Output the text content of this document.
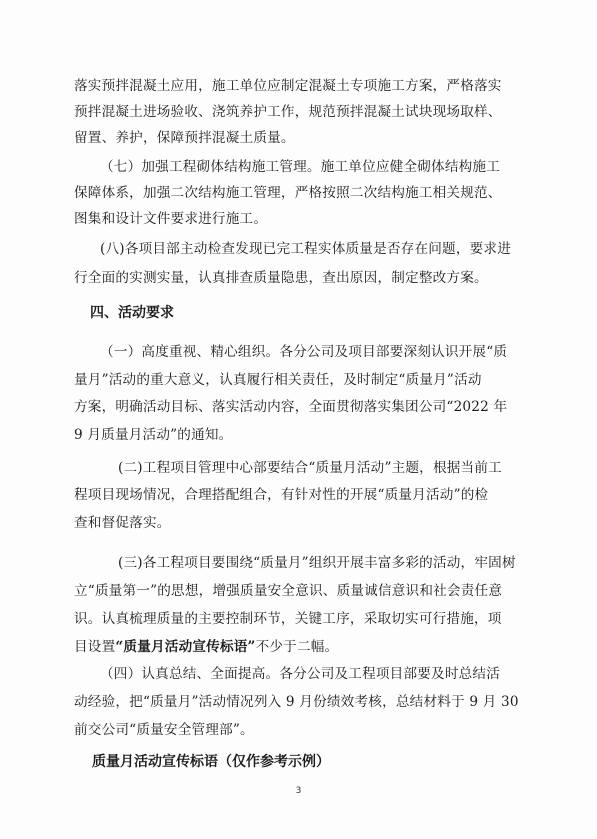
落实预拌混凝土应用，施工单位应制定混凝土专项施工方案，严格落实
预拌混凝土进场验收、浇筑养护工作，规范预拌混凝土试块现场取样、
留置、养护，保障预拌混凝土质量。
（七）加强工程砌体结构施工管理。施工单位应健全砌体结构施工
保障体系，加强二次结构施工管理，严格按照二次结构施工相关规范、
图集和设计文件要求进行施工。
(八)各项目部主动检查发现已完工程实体质量是否存在问题，要求进
行全面的实测实量，认真排查质量隐患，查出原因，制定整改方案。
四、活动要求
（一）高度重视、精心组织。各分公司及项目部要深刻认识开展“质
量月”活动的重大意义，认真履行相关责任，及时制定“质量月”活动
方案，明确活动目标、落实活动内容，全面贯彻落实集团公司“2022 年
9 月质量月活动”的通知。
(二)工程项目管理中心部要结合“质量月活动”主题，根据当前工
程项目现场情况，合理搭配组合，有针对性的开展“质量月活动”的检
查和督促落实。
(三)各工程项目要围绕“质量月”组织开展丰富多彩的活动，牢固树
立“质量第一”的思想，增强质量安全意识、质量诚信意识和社会责任意
识。认真梳理质量的主要控制环节，关键工序，采取切实可行措施，项
目设置“质量月活动宣传标语”不少于二幅。
（四）认真总结、全面提高。各分公司及工程项目部要及时总结活
动经验，把“质量月”活动情况列入 9 月份绩效考核，总结材料于 9 月 30
前交公司“质量安全管理部”。
质量月活动宣传标语（仅作参考示例）
3
